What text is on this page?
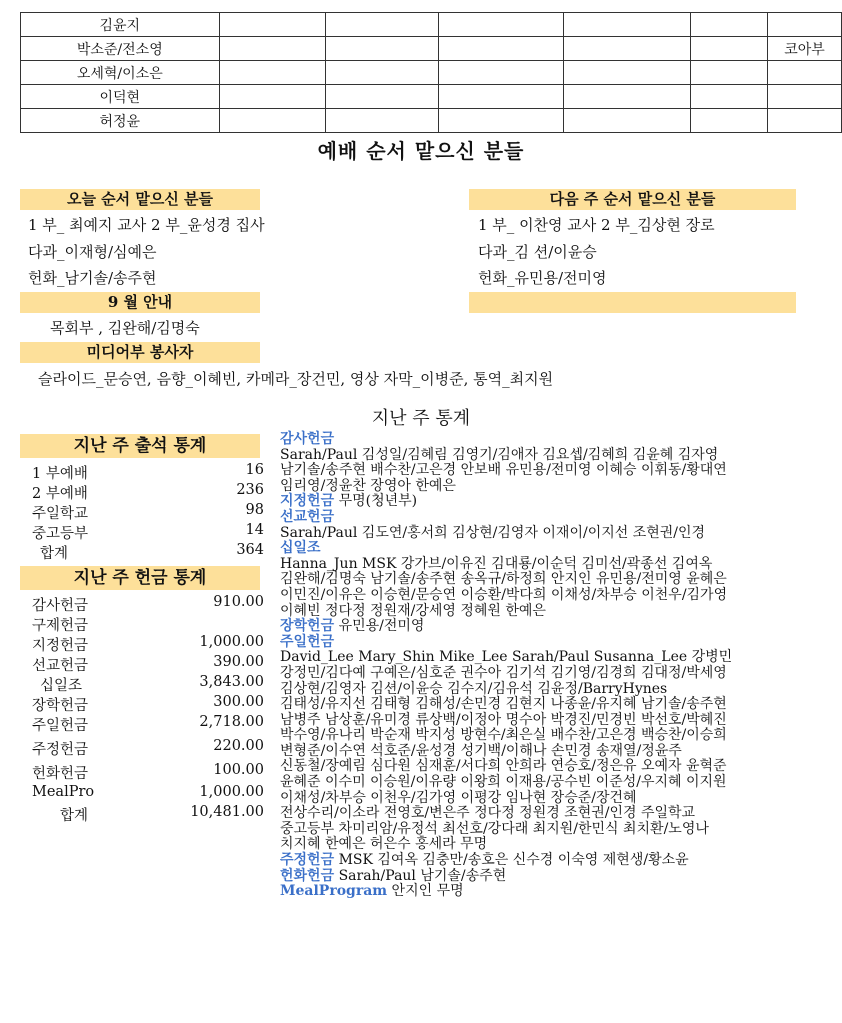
김윤지						
박소준/전소영						코아부
오세혁/이소은						
이덕현						
허정윤						
예배 순서 맡으신 분들
오늘 순서 맡으신 분들
1 부_ 최예지 교사 2 부_윤성경 집사
다과_이재형/심예은
헌화_남기솔/송주현
다음 주 순서 맡으신 분들
1 부_ 이찬영 교사 2 부_김상현 장로
다과_김 션/이윤승
헌화_유민용/전미영
9 월 안내
목회부 , 김완해/김명숙
미디어부 봉사자
슬라이드_문승연, 음향_이혜빈, 카메라_장건민, 영상 자막_이병준, 통역_최지원
지난 주 통계
지난 주 출석 통계
1 부예배	16
2 부예배	236
주일학교	98
중고등부	14
합계	364
지난 주 헌금 통계
감사헌금	910.00
구제헌금
지정헌금	1,000.00
선교헌금	390.00
십일조	3,843.00
장학헌금	300.00
주일헌금	2,718.00
주정헌금	220.00
헌화헌금	100.00
MealPro	1,000.00
합계	10,481.00
감사헌금
Sarah/Paul 김성일/김혜림 김영기/김애자 김요셉/김혜희 김윤혜 김자영
남기솔/송주현 배수찬/고은경 안보배 유민용/전미영 이혜승 이휘동/황대연
임리영/정윤찬 장영아 한예은
지정헌금 무명(청년부)
선교헌금
Sarah/Paul 김도연/홍서희 김상현/김영자 이재이/이지선 조현권/인경
십일조
Hanna_Jun MSK 강가브/이유진 김대룡/이순덕 김미선/곽종선 김여옥
김완해/김명숙 남기솔/송주현 송옥규/하정희 안지인 유민용/전미영 윤혜은
이민진/이유은 이승현/문승연 이승환/박다희 이채성/차부승 이천우/김가영
이혜빈 정다정 정원재/강세영 정혜원 한예은
장학헌금 유민용/전미영
주일헌금
David_Lee Mary_Shin Mike_Lee Sarah/Paul Susanna_Lee 강병민
강정민/김다예 구예은/심호준 권수아 김기석 김기영/김경희 김대정/박세영
김상현/김영자 김션/이윤승 김수지/김유석 김윤정/BarryHynes
김태성/유지선 김태형 김해성/손민경 김현지 나종윤/유지혜 남기솔/송주현
남병주 남상훈/유미경 류상백/이정아 명수아 박경진/민경빈 박선호/박혜진
박수영/유나리 박순재 박지성 방현수/최은실 배수찬/고은경 백승찬/이승희
변형준/이수연 석호준/윤성경 성기백/이해나 손민경 송재열/정윤주
신동철/장예림 심다원 심재훈/서다희 안희라 연승호/정은유 오예자 윤혁준
윤혜준 이수미 이승원/이유량 이왕희 이재용/공수빈 이준성/우지혜 이지원
이채성/차부승 이천우/김가영 이평강 임나현 장승준/장건혜
전상수리/이소라 전영호/변은주 정다정 정원경 조현권/인경 주일학교
중고등부 차미리암/유정석 최선호/강다래 최지원/한민식 최치환/노영나
치지혜 한예은 허은수 홍세라 무명
주정헌금 MSK 김여옥 김충만/송호은 신수경 이숙영 제현생/황소윤
헌화헌금 Sarah/Paul 남기솔/송주현
MealProgram 안지인 무명
